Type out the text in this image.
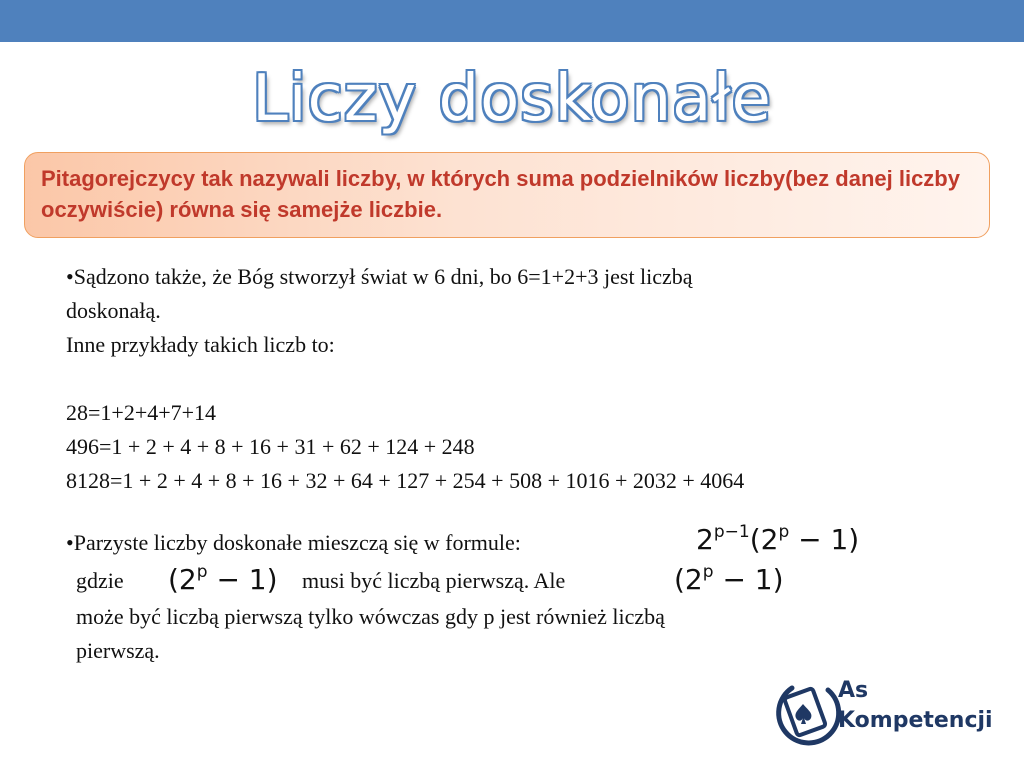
Liczy doskonałe
Pitagorejczycy tak nazywali liczby, w których suma podzielników liczby(bez danej liczby oczywiście) równa się samejże liczbie.
•Sądzono także, że Bóg stworzył świat w 6 dni, bo 6=1+2+3 jest liczbą
doskonałą.
Inne przykłady takich liczb to:
28=1+2+4+7+14
496=1 + 2 + 4 + 8 + 16 + 31 + 62 + 124 + 248
8128=1 + 2 + 4 + 8 + 16 + 32 + 64 + 127 + 254 + 508 + 1016 + 2032 + 4064
•Parzyste liczby doskonałe mieszczą się w formule:
gdzie	musi być liczbą pierwszą. Ale
może być liczbą pierwszą tylko wówczas gdy p jest również liczbą
pierwszą.
$2^{p-1}(2^p - 1)$
$(2^p - 1)$	$(2^p - 1)$
As
Kompetencji
